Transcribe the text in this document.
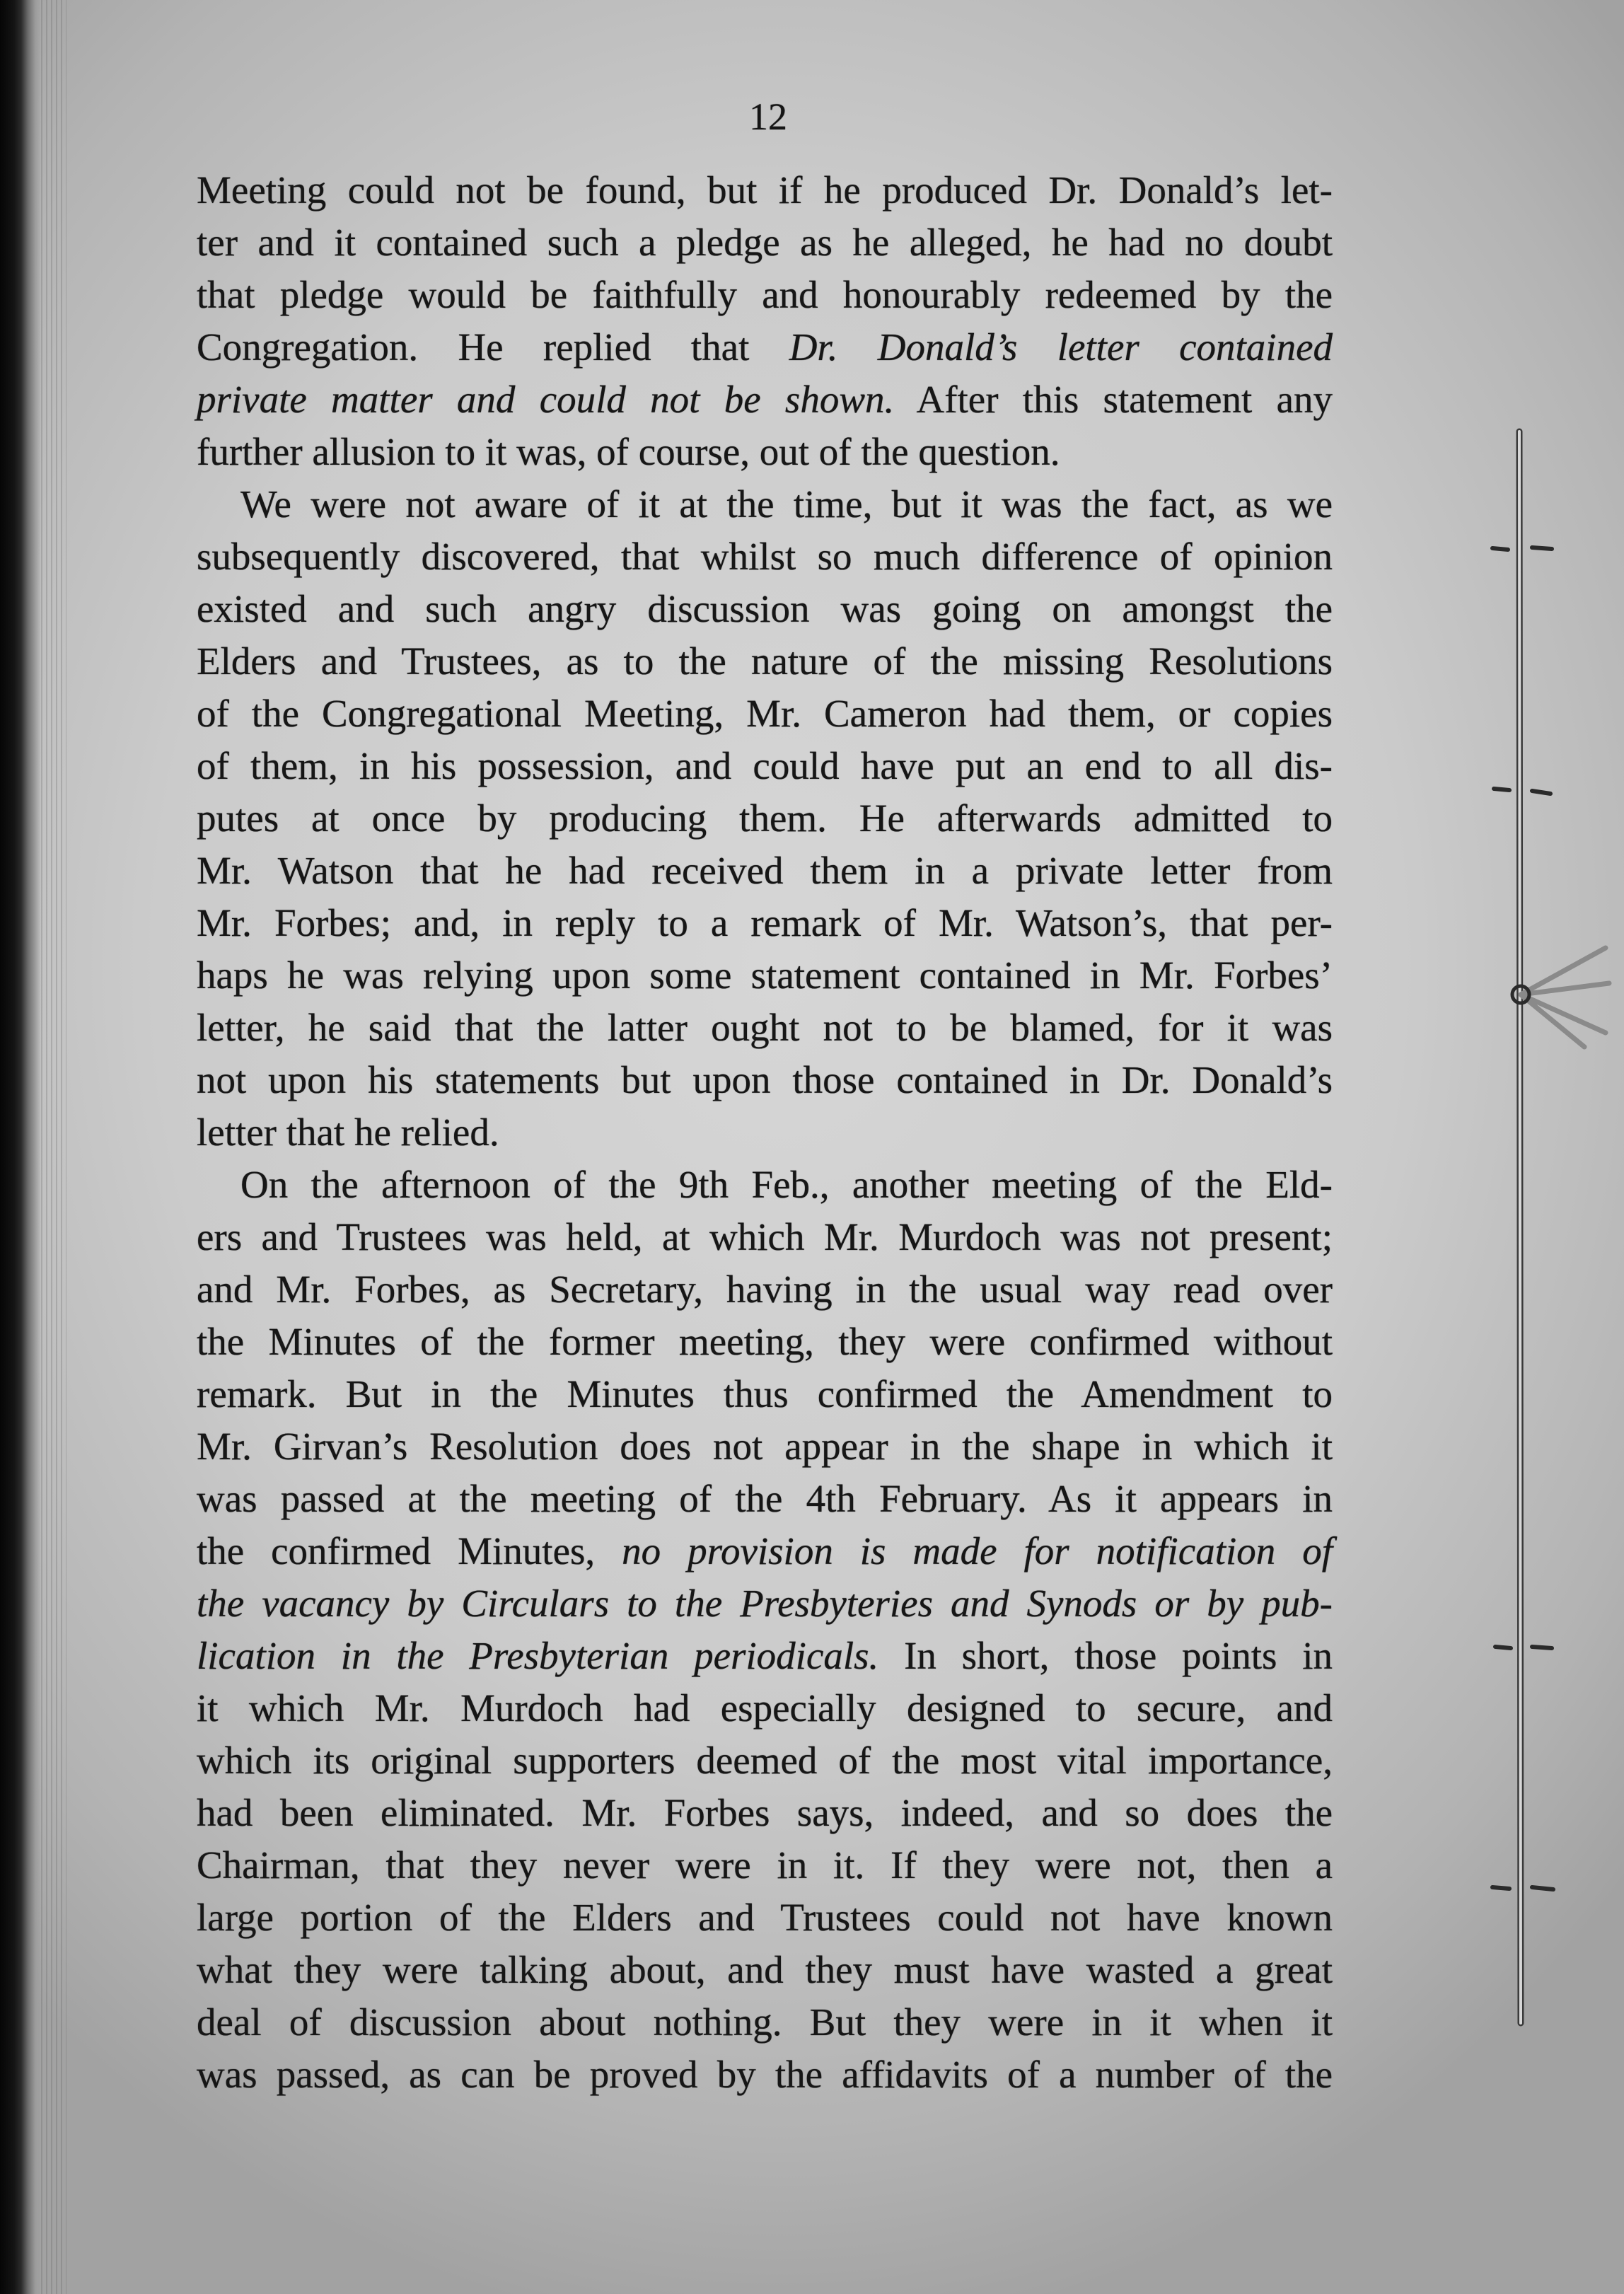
12
Meeting could not be found, but if he produced Dr. Donald’s let-
ter and it contained such a pledge as he alleged, he had no doubt
that pledge would be faithfully and honourably redeemed by the
Congregation. He replied that Dr. Donald’s letter contained
private matter and could not be shown. After this statement any
further allusion to it was, of course, out of the question.
We were not aware of it at the time, but it was the fact, as we
subsequently discovered, that whilst so much difference of opinion
existed and such angry discussion was going on amongst the
Elders and Trustees, as to the nature of the missing Resolutions
of the Congregational Meeting, Mr. Cameron had them, or copies
of them, in his possession, and could have put an end to all dis-
putes at once by producing them. He afterwards admitted to
Mr. Watson that he had received them in a private letter from
Mr. Forbes; and, in reply to a remark of Mr. Watson’s, that per-
haps he was relying upon some statement contained in Mr. Forbes’
letter, he said that the latter ought not to be blamed, for it was
not upon his statements but upon those contained in Dr. Donald’s
letter that he relied.
On the afternoon of the 9th Feb., another meeting of the Eld-
ers and Trustees was held, at which Mr. Murdoch was not present;
and Mr. Forbes, as Secretary, having in the usual way read over
the Minutes of the former meeting, they were confirmed without
remark. But in the Minutes thus confirmed the Amendment to
Mr. Girvan’s Resolution does not appear in the shape in which it
was passed at the meeting of the 4th February. As it appears in
the confirmed Minutes, no provision is made for notification of
the vacancy by Circulars to the Presbyteries and Synods or by pub-
lication in the Presbyterian periodicals. In short, those points in
it which Mr. Murdoch had especially designed to secure, and
which its original supporters deemed of the most vital importance,
had been eliminated. Mr. Forbes says, indeed, and so does the
Chairman, that they never were in it. If they were not, then a
large portion of the Elders and Trustees could not have known
what they were talking about, and they must have wasted a great
deal of discussion about nothing. But they were in it when it
was passed, as can be proved by the affidavits of a number of the
